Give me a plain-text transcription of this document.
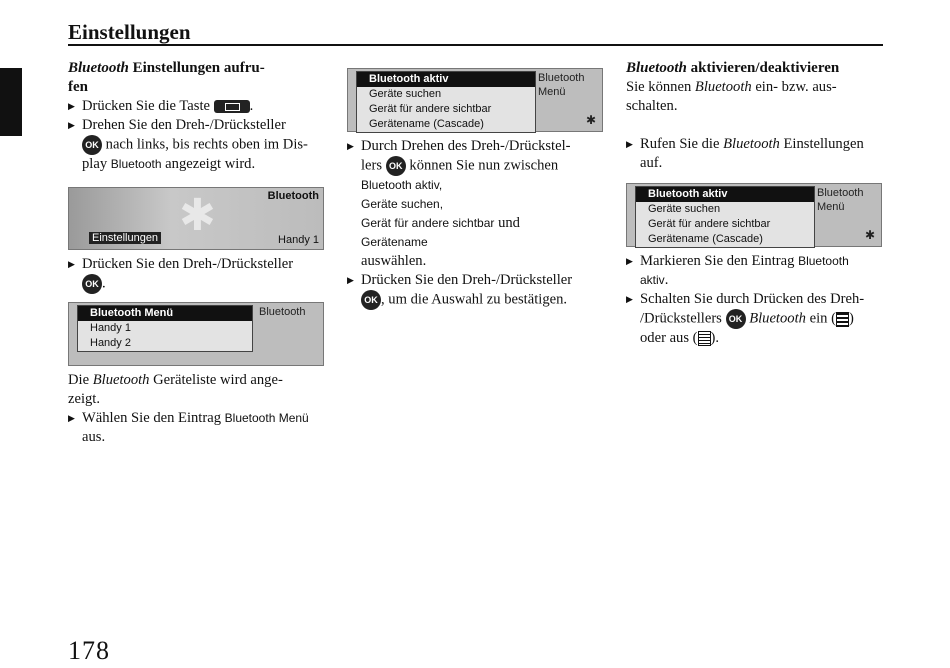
Einstellungen

Bluetooth Einstellungen aufru-
fen

▶ Drücken Sie die Taste	.

▶ Drehen Sie den Dreh-/Drücksteller
OK nach links, bis rechts oben im Dis-
play Bluetooth angezeigt wird.

✱	Bluetooth
Einstellungen	Handy 1

▶ Drücken Sie den Dreh-/Drücksteller
OK .

Bluetooth Menü
Handy 1
Handy 2
Bluetooth

Die Bluetooth Geräteliste wird ange-
zeigt.

▶ Wählen Sie den Eintrag Bluetooth Menü
aus.

Bluetooth aktiv
Geräte suchen
Gerät für andere sichtbar
Gerätename (Cascade)
Bluetooth
Menü
✱

▶ Durch Drehen des Dreh-/Drückstel-
lers OK können Sie nun zwischen
Bluetooth aktiv,
Geräte suchen,
Gerät für andere sichtbar und
Gerätename
auswählen.

▶ Drücken Sie den Dreh-/Drücksteller
OK , um die Auswahl zu bestätigen.

Bluetooth aktivieren/deaktivieren

Sie können Bluetooth ein- bzw. aus-
schalten.

▶ Rufen Sie die Bluetooth Einstellungen
auf.

Bluetooth aktiv
Geräte suchen
Gerät für andere sichtbar
Gerätename (Cascade)
Bluetooth
Menü
✱

▶ Markieren Sie den Eintrag Bluetooth
aktiv.

▶ Schalten Sie durch Drücken des Dreh-
/Drückstellers OK Bluetooth ein ( )
oder aus ( ).

178
